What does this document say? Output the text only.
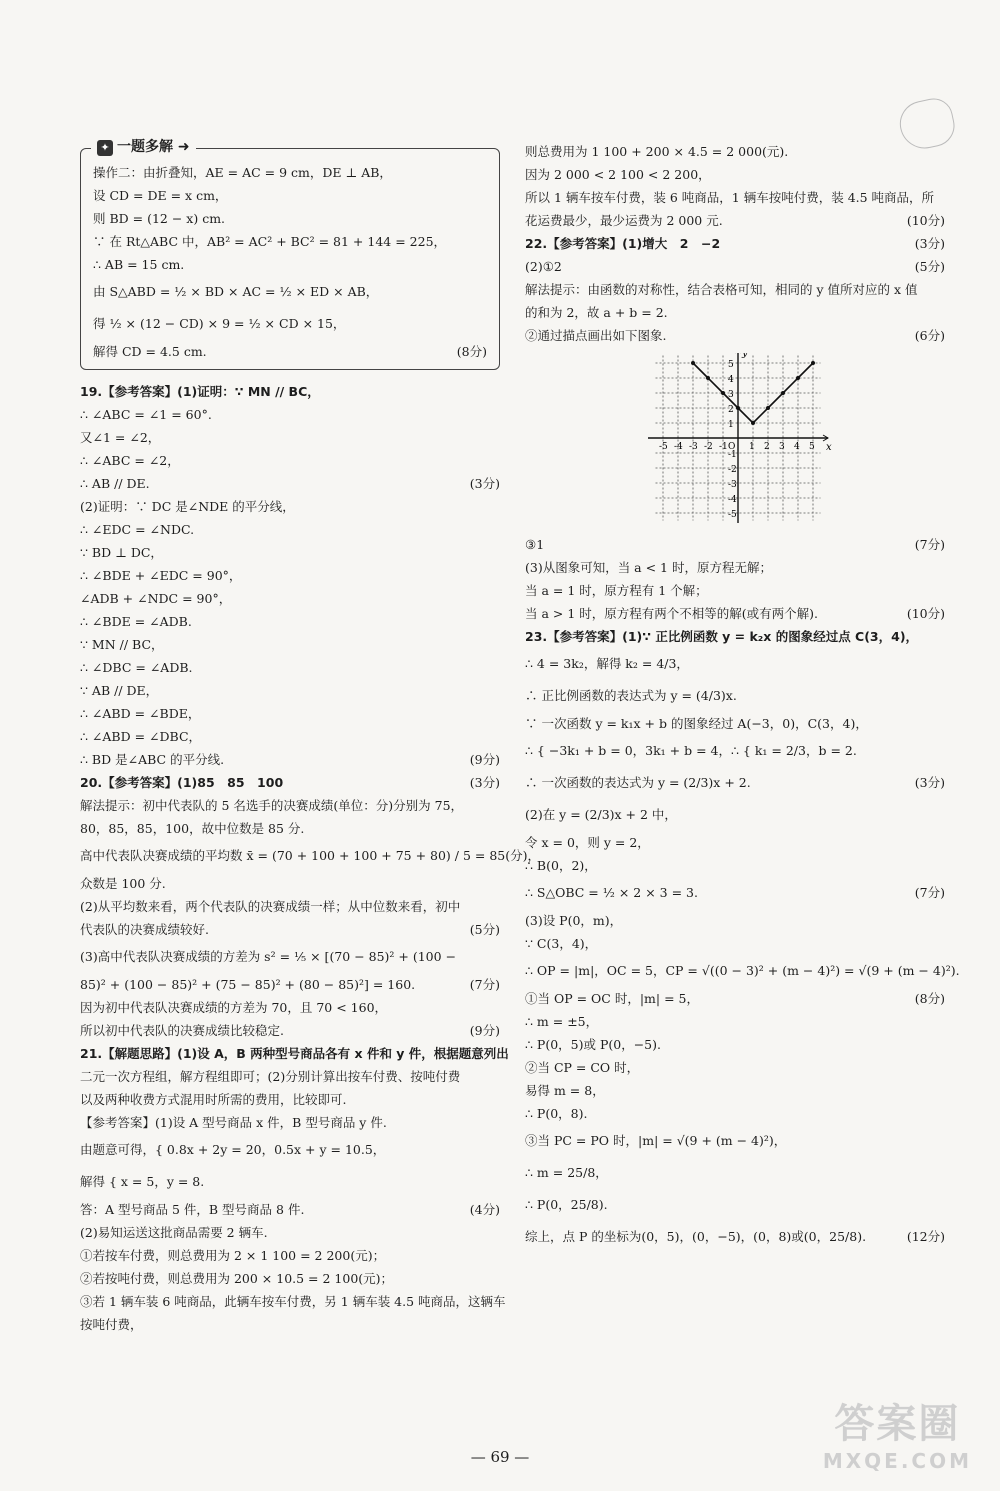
✦ 一题多解 ➜
操作二：由折叠知，AE = AC = 9 cm，DE ⊥ AB，
设 CD = DE = x cm，
则 BD = (12 − x) cm.
∵ 在 Rt△ABC 中，AB² = AC² + BC² = 81 + 144 = 225，
∴ AB = 15 cm.
由 S△ABD = ½ × BD × AC = ½ × ED × AB，
得 ½ × (12 − CD) × 9 = ½ × CD × 15，
解得 CD = 4.5 cm.	(8分)
19.【参考答案】(1)证明：∵ MN // BC，
∴ ∠ABC = ∠1 = 60°.
又∠1 = ∠2，
∴ ∠ABC = ∠2，
∴ AB // DE.	(3分)
(2)证明：∵ DC 是∠NDE 的平分线，
∴ ∠EDC = ∠NDC.
∵ BD ⊥ DC，
∴ ∠BDE + ∠EDC = 90°，
∠ADB + ∠NDC = 90°，
∴ ∠BDE = ∠ADB.
∵ MN // BC，
∴ ∠DBC = ∠ADB.
∵ AB // DE，
∴ ∠ABD = ∠BDE，
∴ ∠ABD = ∠DBC，
∴ BD 是∠ABC 的平分线.	(9分)
20.【参考答案】(1)85　85　100	(3分)
解法提示：初中代表队的 5 名选手的决赛成绩(单位：分)分别为 75，
80，85，85，100，故中位数是 85 分.
高中代表队决赛成绩的平均数 x̄ = (70 + 100 + 100 + 75 + 80) / 5 = 85(分)，
众数是 100 分.
(2)从平均数来看，两个代表队的决赛成绩一样；从中位数来看，初中
代表队的决赛成绩较好.	(5分)
(3)高中代表队决赛成绩的方差为 s² = ⅕ × [(70 − 85)² + (100 −
85)² + (100 − 85)² + (75 − 85)² + (80 − 85)²] = 160.	(7分)
因为初中代表队决赛成绩的方差为 70，且 70 < 160，
所以初中代表队的决赛成绩比较稳定.	(9分)
21.【解题思路】(1)设 A，B 两种型号商品各有 x 件和 y 件，根据题意列出
二元一次方程组，解方程组即可；(2)分别计算出按车付费、按吨付费
以及两种收费方式混用时所需的费用，比较即可.
【参考答案】(1)设 A 型号商品 x 件，B 型号商品 y 件.
由题意可得，{ 0.8x + 2y = 20，0.5x + y = 10.5，
解得 { x = 5，y = 8.
答：A 型号商品 5 件，B 型号商品 8 件.	(4分)
(2)易知运送这批商品需要 2 辆车.
①若按车付费，则总费用为 2 × 1 100 = 2 200(元)；
②若按吨付费，则总费用为 200 × 10.5 = 2 100(元)；
③若 1 辆车装 6 吨商品，此辆车按车付费，另 1 辆车装 4.5 吨商品，这辆车
按吨付费，
则总费用为 1 100 + 200 × 4.5 = 2 000(元).
因为 2 000 < 2 100 < 2 200，
所以 1 辆车按车付费，装 6 吨商品，1 辆车按吨付费，装 4.5 吨商品，所
花运费最少，最少运费为 2 000 元.	(10分)
22.【参考答案】(1)增大　2　−2	(3分)
(2)①2	(5分)
解法提示：由函数的对称性，结合表格可知，相同的 y 值所对应的 x 值
的和为 2，故 a + b = 2.
②通过描点画出如下图象.	(6分)
x
y
O
-5 -4 -3 -2 -1 1 2 3 4 5
5
4
3
2
1
-1
-2
-3
-4
-5
③1	(7分)
(3)从图象可知，当 a < 1 时，原方程无解；
当 a = 1 时，原方程有 1 个解；
当 a > 1 时，原方程有两个不相等的解(或有两个解).	(10分)
23.【参考答案】(1)∵ 正比例函数 y = k₂x 的图象经过点 C(3，4)，
∴ 4 = 3k₂，解得 k₂ = 4/3，
∴ 正比例函数的表达式为 y = (4/3)x.
∵ 一次函数 y = k₁x + b 的图象经过 A(−3，0)，C(3，4)，
∴ { −3k₁ + b = 0，3k₁ + b = 4，∴ { k₁ = 2/3，b = 2.
∴ 一次函数的表达式为 y = (2/3)x + 2.	(3分)
(2)在 y = (2/3)x + 2 中，
令 x = 0，则 y = 2，
∴ B(0，2)，
∴ S△OBC = ½ × 2 × 3 = 3.	(7分)
(3)设 P(0，m)，
∵ C(3，4)，
∴ OP = |m|，OC = 5，CP = √((0 − 3)² + (m − 4)²) = √(9 + (m − 4)²).
(8分)
①当 OP = OC 时，|m| = 5，
∴ m = ±5，
∴ P(0，5)或 P(0，−5).
②当 CP = CO 时，
易得 m = 8，
∴ P(0，8).
③当 PC = PO 时，|m| = √(9 + (m − 4)²)，
∴ m = 25/8，
∴ P(0，25/8).
综上，点 P 的坐标为(0，5)，(0，−5)，(0，8)或(0，25/8).	(12分)
— 69 —
答案圈
MXQE.COM
